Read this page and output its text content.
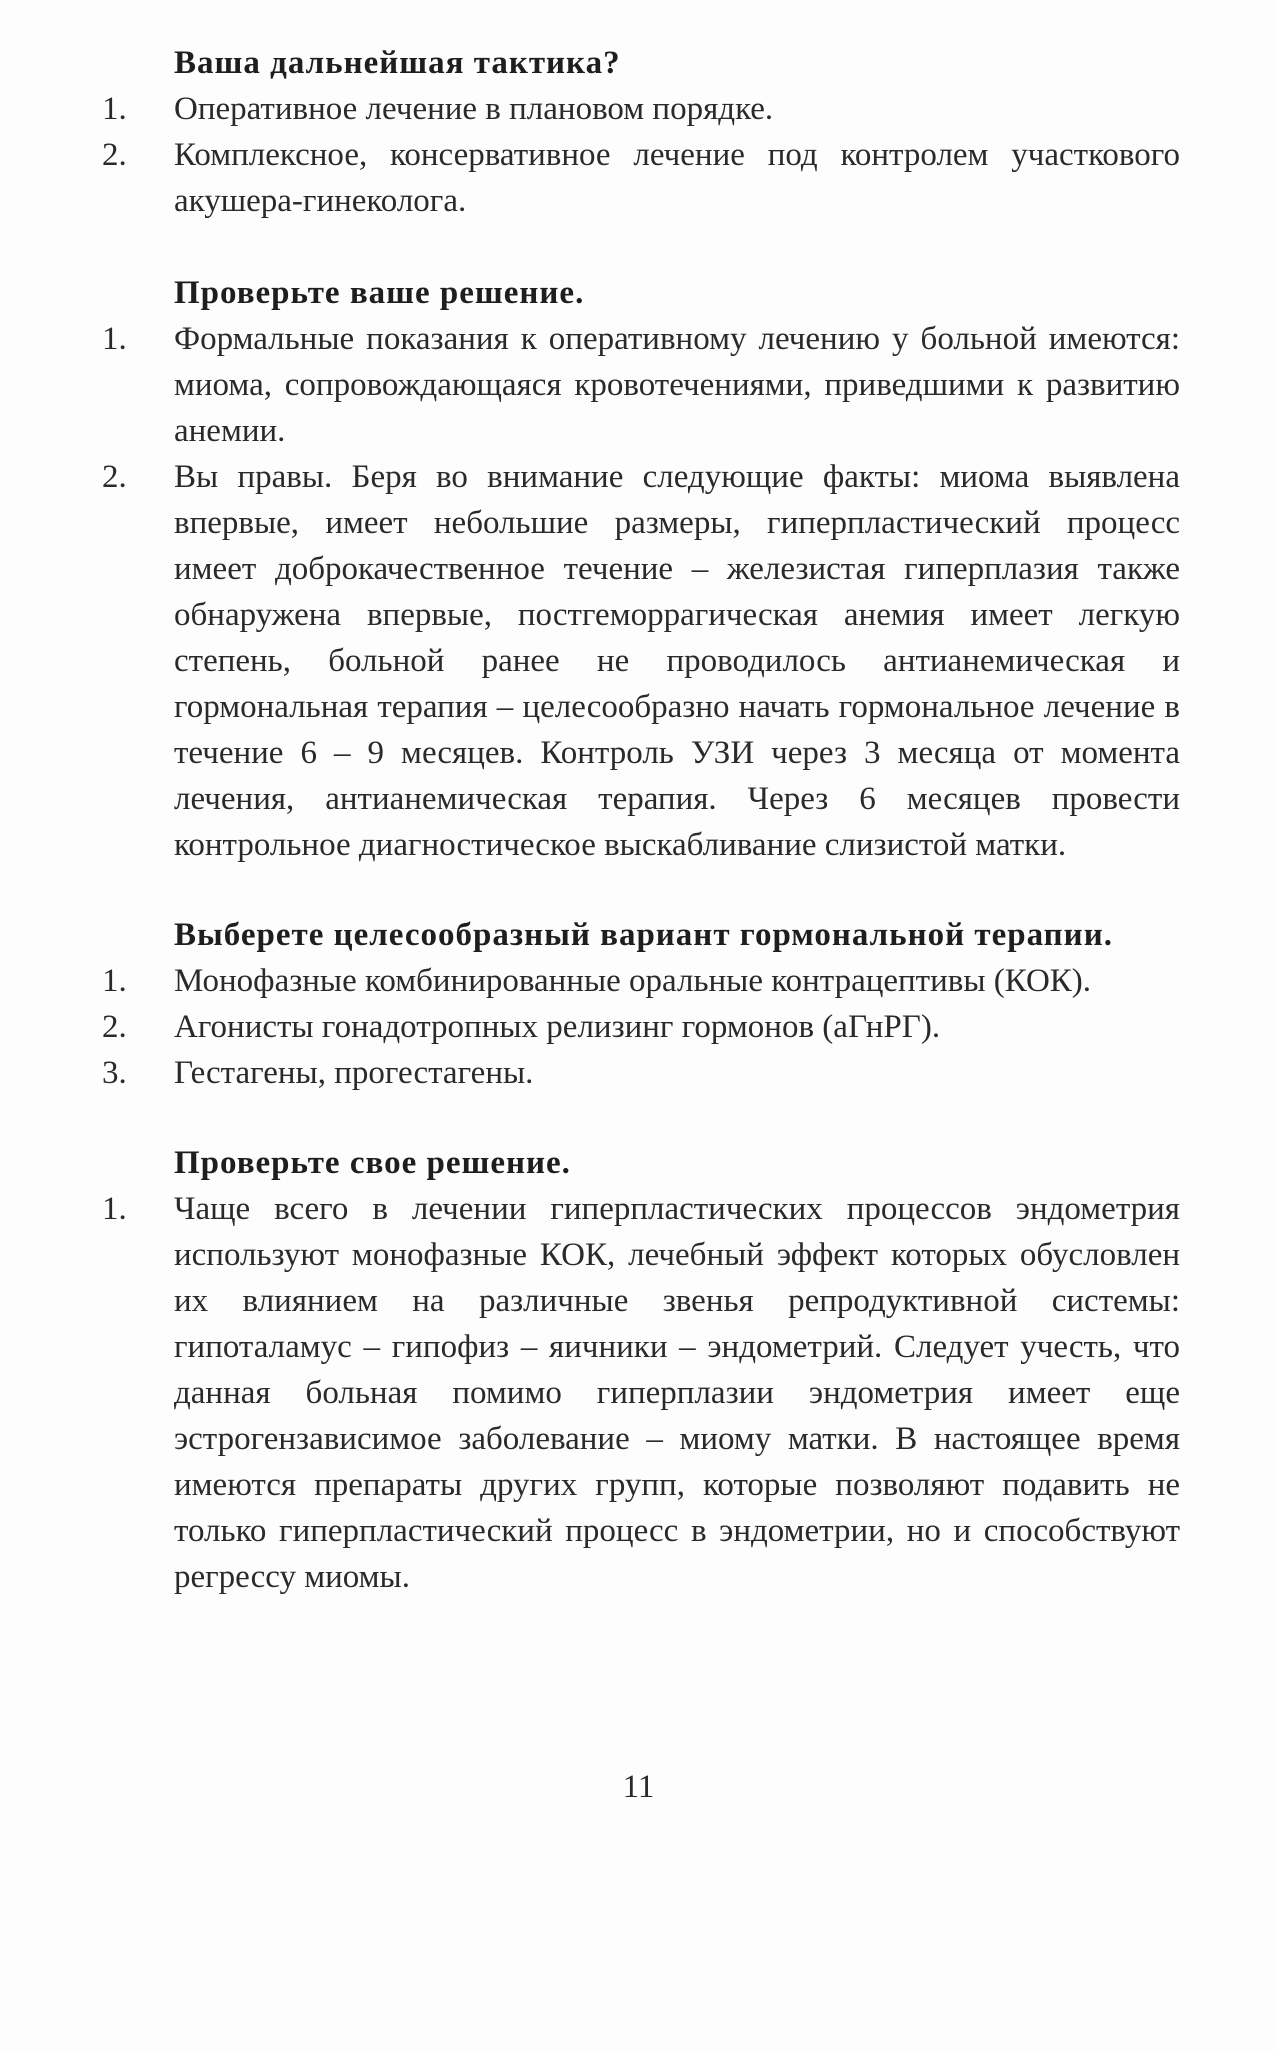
Ваша дальнейшая тактика?

1.	Оперативное лечение в плановом порядке.
2.	Комплексное, консервативное лечение под контролем участкового акушера-гинеколога.

Проверьте ваше решение.

1.	Формальные показания к оперативному лечению у больной имеются: миома, сопровождающаяся кровотечениями, приведшими к развитию анемии.
2.	Вы правы. Беря во внимание следующие факты: миома выявлена впервые, имеет небольшие размеры, гиперпластический процесс имеет доброкачественное течение – железистая гиперплазия также обнаружена впервые, постгеморрагическая анемия имеет легкую степень, больной ранее не проводилось антианемическая и гормональная терапия – целесообразно начать гормональное лечение в течение 6 – 9 месяцев. Контроль УЗИ через 3 месяца от момента лечения, антианемическая терапия. Через 6 месяцев провести контрольное диагностическое выскабливание слизистой матки.

Выберете целесообразный вариант гормональной терапии.

1.	Монофазные комбинированные оральные контрацептивы (КОК).
2.	Агонисты гонадотропных релизинг гормонов (аГнРГ).
3.	Гестагены, прогестагены.

Проверьте свое решение.

1.	Чаще всего в лечении гиперпластических процессов эндометрия используют монофазные КОК, лечебный эффект которых обусловлен их влиянием на различные звенья репродуктивной системы: гипоталамус – гипофиз – яичники – эндометрий. Следует учесть, что данная больная помимо гиперплазии эндометрия имеет еще эстрогензависимое заболевание – миому матки. В настоящее время имеются препараты других групп, которые позволяют подавить не только гиперпластический процесс в эндометрии, но и способствуют регрессу миомы.
11
